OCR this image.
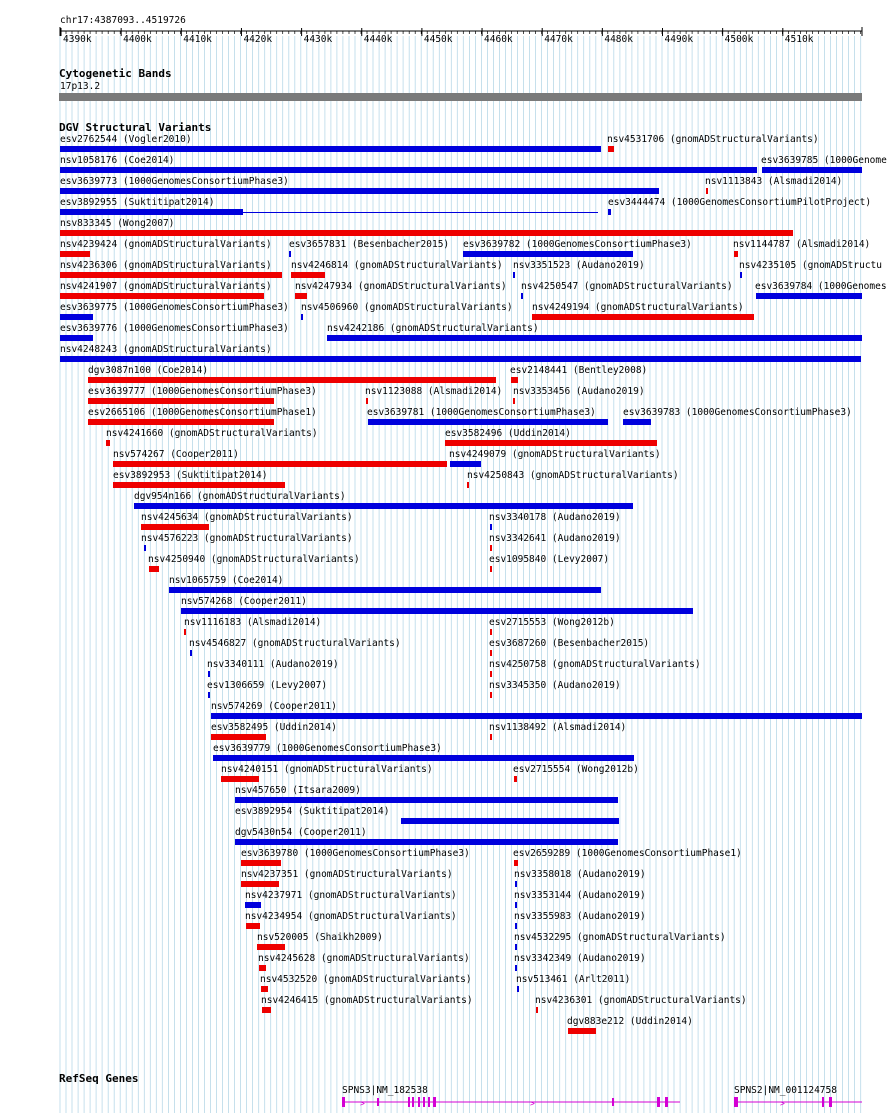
chr17:4387093..4519726
4390k	4400k	4410k	4420k	4430k	4440k	4450k	4460k	4470k	4480k	4490k	4500k	4510k
Cytogenetic Bands
17p13.2
DGV Structural Variants
esv2762544 (Vogler2010)	nsv4531706 (gnomADStructuralVariants)
nsv1058176 (Coe2014)	esv3639785 (1000Genome
esv3639773 (1000GenomesConsortiumPhase3)	nsv1113843 (Alsmadi2014)
esv3892955 (Suktitipat2014)	esv3444474 (1000GenomesConsortiumPilotProject)
nsv833345 (Wong2007)
nsv4239424 (gnomADStructuralVariants) esv3657831 (Besenbacher2015) esv3639782 (1000GenomesConsortiumPhase3)	nsv1144787 (Alsmadi2014)
nsv4236306 (gnomADStructuralVariants) nsv4246814 (gnomADStructuralVariants) nsv3351523 (Audano2019)	nsv4235105 (gnomADStructu
nsv4241907 (gnomADStructuralVariants) nsv4247934 (gnomADStructuralVariants) nsv4250547 (gnomADStructuralVariants) esv3639784 (1000Genomes
esv3639775 (1000GenomesConsortiumPhase3) nsv4506960 (gnomADStructuralVariants) nsv4249194 (gnomADStructuralVariants)
esv3639776 (1000GenomesConsortiumPhase3)	nsv4242186 (gnomADStructuralVariants)
nsv4248243 (gnomADStructuralVariants)
dgv3087n100 (Coe2014)	esv2148441 (Bentley2008)
esv3639777 (1000GenomesConsortiumPhase3)	nsv1123088 (Alsmadi2014) nsv3353456 (Audano2019)
esv2665106 (1000GenomesConsortiumPhase1)	esv3639781 (1000GenomesConsortiumPhase3)	esv3639783 (1000GenomesConsortiumPhase3)
nsv4241660 (gnomADStructuralVariants)	esv3582496 (Uddin2014)
nsv574267 (Cooper2011)	nsv4249079 (gnomADStructuralVariants)
esv3892953 (Suktitipat2014)	nsv4250843 (gnomADStructuralVariants)
dgv954n166 (gnomADStructuralVariants)
nsv4245634 (gnomADStructuralVariants)	nsv3340178 (Audano2019)
nsv4576223 (gnomADStructuralVariants)	nsv3342641 (Audano2019)
nsv4250940 (gnomADStructuralVariants)	esv1095840 (Levy2007)
nsv1065759 (Coe2014)
nsv574268 (Cooper2011)
nsv1116183 (Alsmadi2014)	esv2715553 (Wong2012b)
nsv4546827 (gnomADStructuralVariants)	esv3687260 (Besenbacher2015)
nsv3340111 (Audano2019)	nsv4250758 (gnomADStructuralVariants)
esv1306659 (Levy2007)	nsv3345350 (Audano2019)
nsv574269 (Cooper2011)
esv3582495 (Uddin2014)	nsv1138492 (Alsmadi2014)
esv3639779 (1000GenomesConsortiumPhase3)
nsv4240151 (gnomADStructuralVariants)	esv2715554 (Wong2012b)
nsv457650 (Itsara2009)
esv3892954 (Suktitipat2014)
dgv5430n54 (Cooper2011)
esv3639780 (1000GenomesConsortiumPhase3)	esv2659289 (1000GenomesConsortiumPhase1)
nsv4237351 (gnomADStructuralVariants)	nsv3358018 (Audano2019)
nsv4237971 (gnomADStructuralVariants)	nsv3353144 (Audano2019)
nsv4234954 (gnomADStructuralVariants)	nsv3355983 (Audano2019)
nsv520005 (Shaikh2009)	nsv4532295 (gnomADStructuralVariants)
nsv4245628 (gnomADStructuralVariants)	nsv3342349 (Audano2019)
nsv4532520 (gnomADStructuralVariants)	nsv513461 (Arlt2011)
nsv4246415 (gnomADStructuralVariants)	nsv4236301 (gnomADStructuralVariants)
dgv883e212 (Uddin2014)
RefSeq Genes
SPNS3|NM_182538	SPNS2|NM_001124758
>	>	>
